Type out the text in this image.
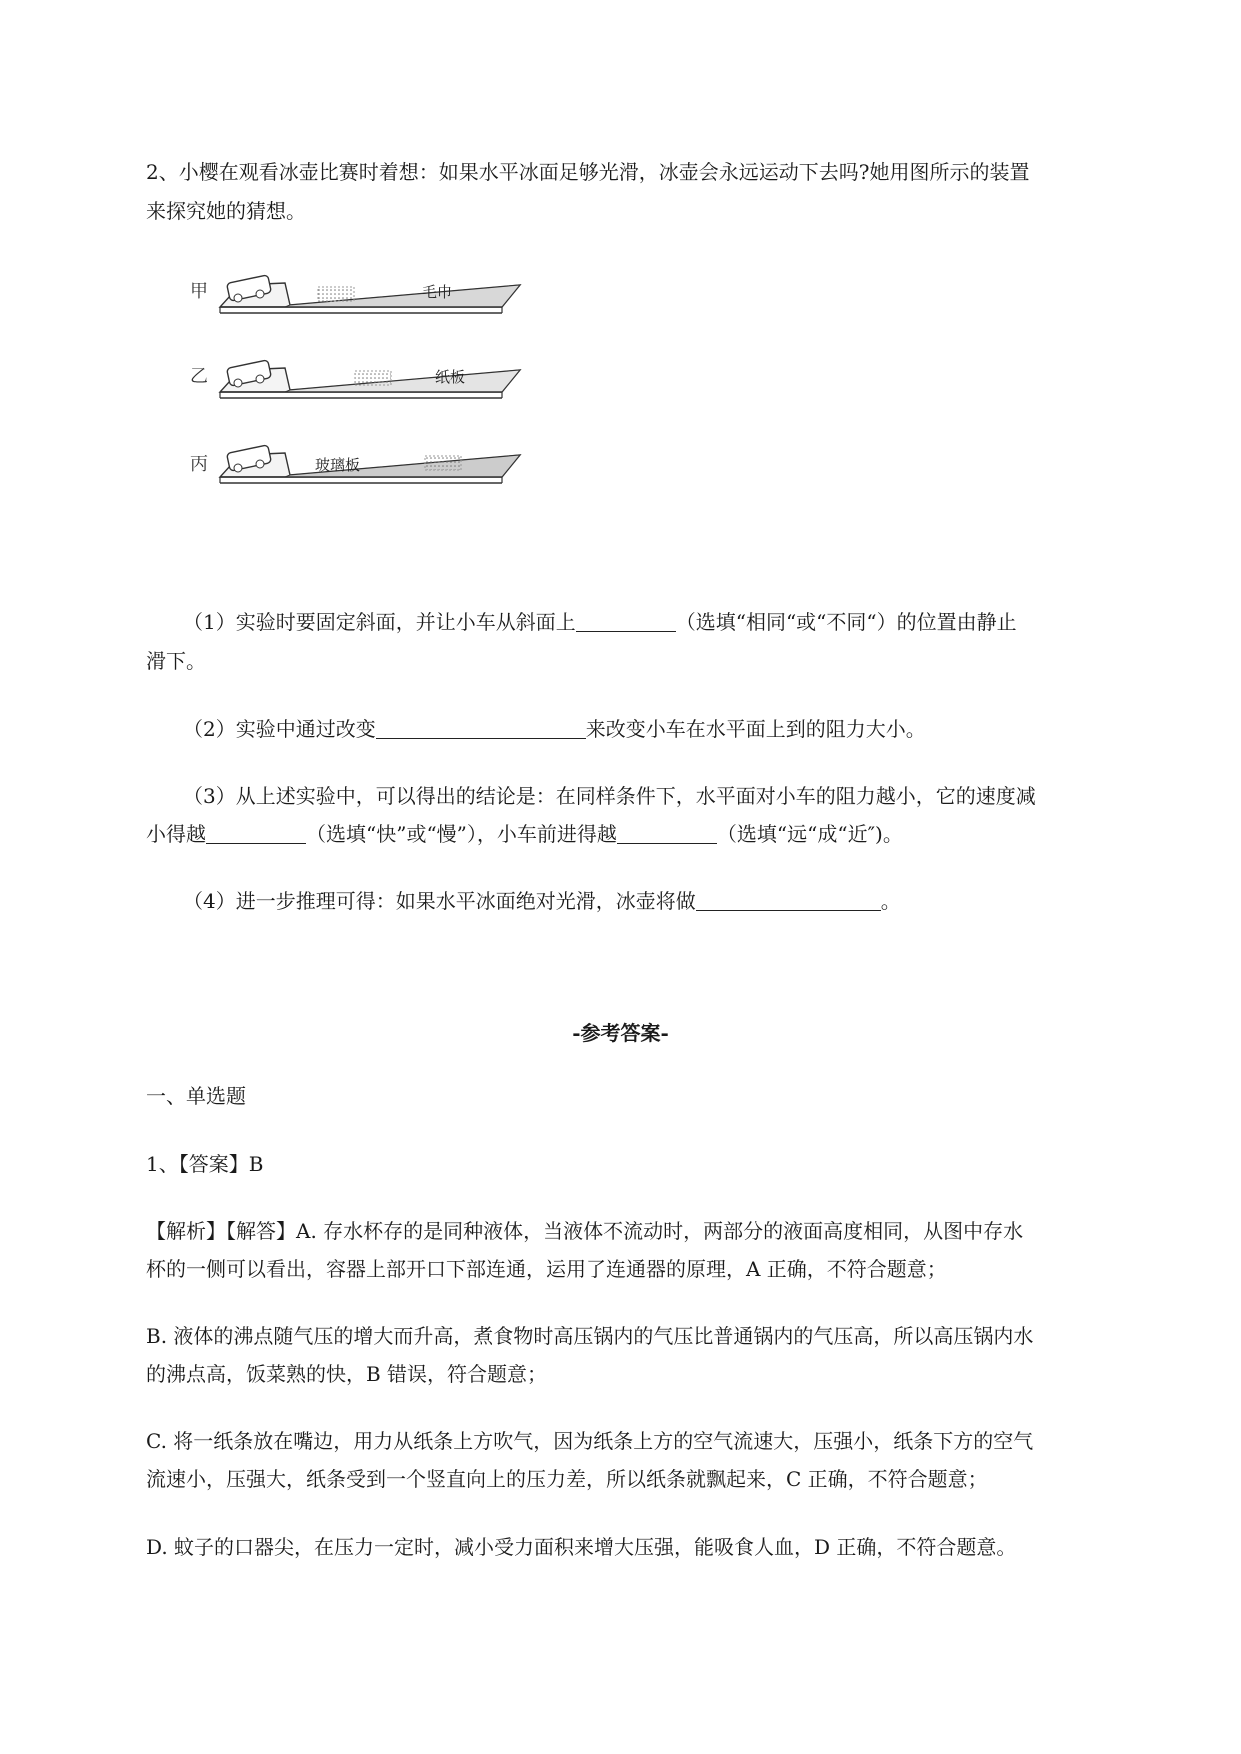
2、小樱在观看冰壶比赛时着想：如果水平冰面足够光滑，冰壶会永远运动下去吗?她用图所示的装置
来探究她的猜想。
甲	毛巾
乙	纸板
丙	玻璃板
（1）实验时要固定斜面，并让小车从斜面上	（选填“相同“或“不同“）的位置由静止
滑下。
（2）实验中通过改变	来改变小车在水平面上到的阻力大小。
（3）从上述实验中，可以得出的结论是：在同样条件下，水平面对小车的阻力越小，它的速度减
小得越	（选填“快”或“慢”），小车前进得越	（选填“远“成“近″)。
（4）进一步推理可得：如果水平冰面绝对光滑，冰壶将做	。
-参考答案-
一、单选题
1、【答案】B
【解析】【解答】A. 存水杯存的是同种液体，当液体不流动时，两部分的液面高度相同，从图中存水
杯的一侧可以看出，容器上部开口下部连通，运用了连通器的原理，A 正确，不符合题意；
B. 液体的沸点随气压的增大而升高，煮食物时高压锅内的气压比普通锅内的气压高，所以高压锅内水
的沸点高，饭菜熟的快，B 错误，符合题意；
C. 将一纸条放在嘴边，用力从纸条上方吹气，因为纸条上方的空气流速大，压强小，纸条下方的空气
流速小，压强大，纸条受到一个竖直向上的压力差，所以纸条就飘起来，C 正确，不符合题意；
D. 蚊子的口器尖，在压力一定时，减小受力面积来增大压强，能吸食人血，D 正确，不符合题意。
